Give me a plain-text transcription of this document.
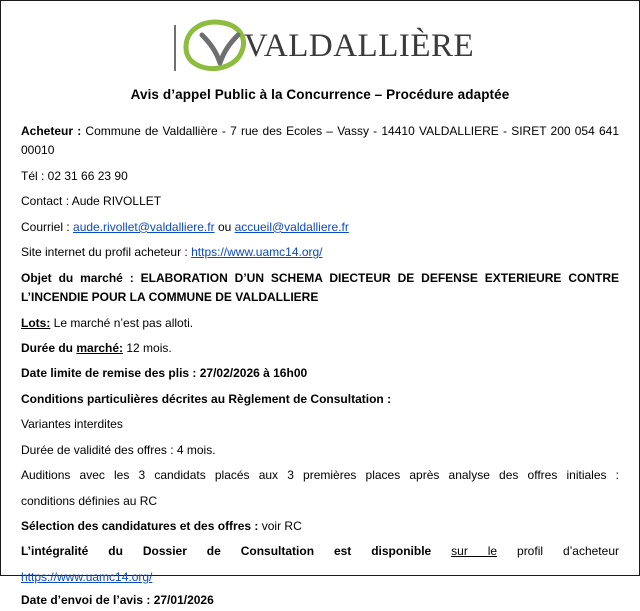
VALDALLIÈRE
Avis d’appel Public à la Concurrence – Procédure adaptée

Acheteur : Commune de Valdallière - 7 rue des Ecoles – Vassy - 14410 VALDALLIERE - SIRET 200 054 641 00010

Tél : 02 31 66 23 90

Contact : Aude RIVOLLET

Courriel : aude.rivollet@valdalliere.fr ou accueil@valdalliere.fr

Site internet du profil acheteur : https://www.uamc14.org/

Objet du marché : ELABORATION D’UN SCHEMA DIECTEUR DE DEFENSE EXTERIEURE CONTRE L’INCENDIE POUR LA COMMUNE DE VALDALLIERE

Lots: Le marché n’est pas alloti.

Durée du marché: 12 mois.

Date limite de remise des plis : 27/02/2026 à 16h00

Conditions particulières décrites au Règlement de Consultation :

Variantes interdites

Durée de validité des offres : 4 mois.

Auditions avec les 3 candidats placés aux 3 premières places après analyse des offres initiales :

conditions définies au RC

Sélection des candidatures et des offres : voir RC

L’intégralité du Dossier de Consultation est disponible sur le profil d’acheteur

https://www.uamc14.org/

Date d’envoi de l’avis : 27/01/2026
